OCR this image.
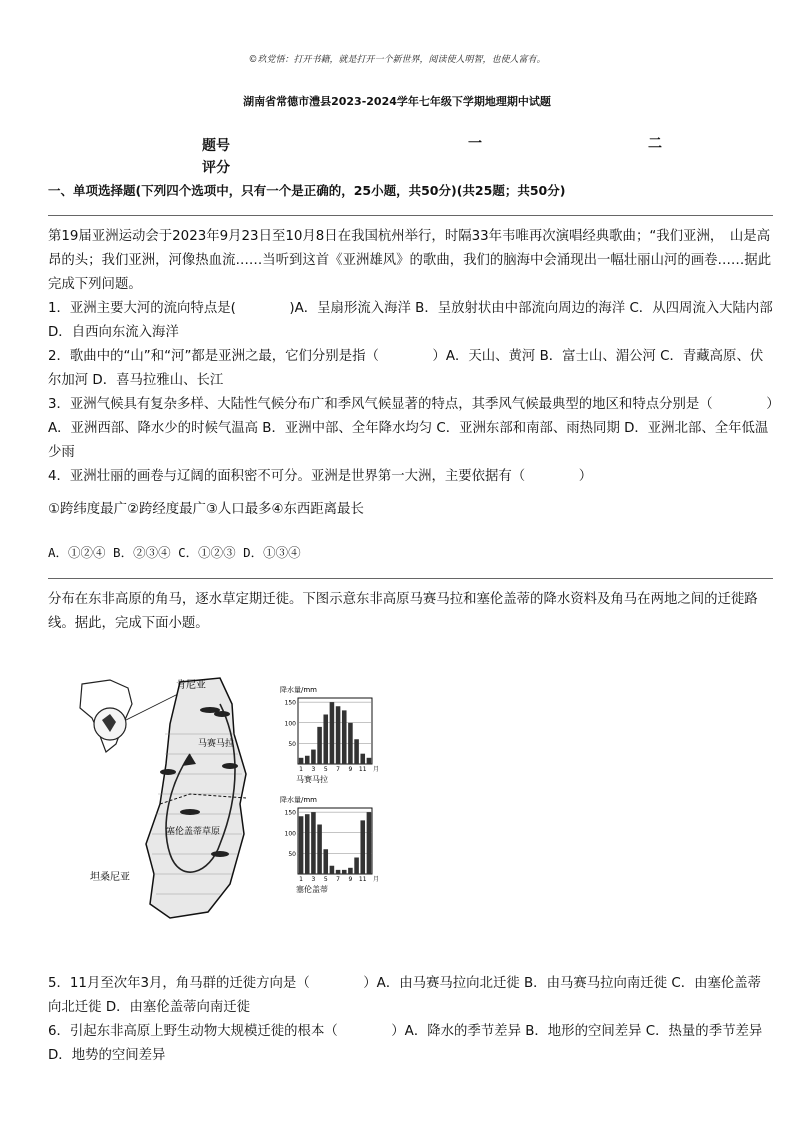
©玖党悟：打开书籍，就是打开一个新世界，阅读使人明智，也使人富有。
湖南省常德市澧县2023-2024学年七年级下学期地理期中试题
题号
评分
一	二
一、单项选择题(下列四个选项中，只有一个是正确的，25小题，共50分)(共25题；共50分)

第19届亚洲运动会于2023年9月23日至10月8日在我国杭州举行，时隔33年韦唯再次演唱经典歌曲；“我们亚洲，　山是高昂的头；我们亚洲，河像热血流……当听到这首《亚洲雄风》的歌曲，我们的脑海中会涌现出一幅壮丽山河的画卷……据此完成下列问题。

1．亚洲主要大河的流向特点是(　　　　)A．呈扇形流入海洋 B．呈放射状由中部流向周边的海洋 C．从四周流入大陆内部 D．自西向东流入海洋

2．歌曲中的“山”和“河”都是亚洲之最，它们分别是指（　　　　）A．天山、黄河 B．富士山、湄公河 C．青藏高原、伏尔加河 D．喜马拉雅山、长江

3．亚洲气候具有复杂多样、大陆性气候分布广和季风气候显著的特点，其季风气候最典型的地区和特点分别是（　　　　）A．亚洲西部、降水少的时候气温高 B．亚洲中部、全年降水均匀 C．亚洲东部和南部、雨热同期 D．亚洲北部、全年低温少雨

4．亚洲壮丽的画卷与辽阔的面积密不可分。亚洲是世界第一大洲，主要依据有（　　　　）

①跨纬度最广②跨经度最广③人口最多④东西距离最长
A．①②④ B．②③④ C．①②③ D．①③④
分布在东非高原的角马，逐水草定期迁徙。下图示意东非高原马赛马拉和塞伦盖蒂的降水资料及角马在两地之间的迁徙路线。据此，完成下面小题。
肯尼亚
马赛马拉
塞伦盖蒂草原
坦桑尼亚
降水量/mm
50
100
150
1 3 5 7 9 11 月
马赛马拉
降水量/mm
50
100
150
1 3 5 7 9 11 月
塞伦盖蒂

5．11月至次年3月，角马群的迁徙方向是（　　　　）A．由马赛马拉向北迁徙 B．由马赛马拉向南迁徙 C．由塞伦盖蒂向北迁徙 D．由塞伦盖蒂向南迁徙

6．引起东非高原上野生动物大规模迁徙的根本（　　　　）A．降水的季节差异 B．地形的空间差异 C．热量的季节差异 D．地势的空间差异
